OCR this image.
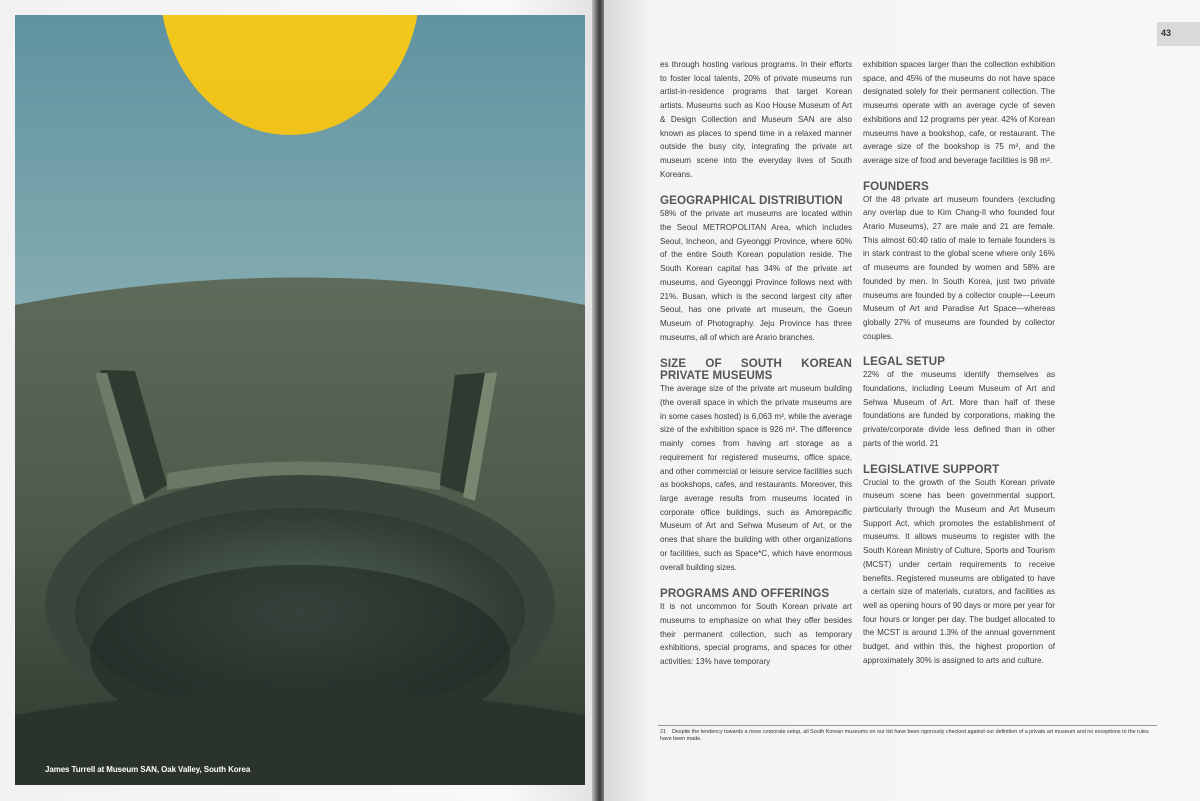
James Turrell at Museum SAN, Oak Valley, South Korea
43

es through hosting various programs. In their efforts to foster local talents, 20% of private museums run artist-in-residence programs that target Korean artists. Museums such as Koo House Museum of Art & Design Collection and Museum SAN are also known as places to spend time in a relaxed manner outside the busy city, integrating the private art museum scene into the everyday lives of South Koreans.

GEOGRAPHICAL DISTRIBUTION

58% of the private art museums are located within the Seoul METROPOLITAN Area, which includes Seoul, Incheon, and Gyeonggi Province, where 60% of the entire South Korean population reside. The South Korean capital has 34% of the private art museums, and Gyeonggi Province follows next with 21%. Busan, which is the second largest city after Seoul, has one private art museum, the Goeun Museum of Photography. Jeju Province has three museums, all of which are Arario branches.

SIZE OF SOUTH KOREAN PRIVATE MUSEUMS

The average size of the private art museum building (the overall space in which the private museums are in some cases hosted) is 6,063 m², while the average size of the exhibition space is 926 m². The difference mainly comes from having art storage as a requirement for registered museums, office space, and other commercial or leisure service facilities such as bookshops, cafes, and restaurants. Moreover, this large average results from museums located in corporate office buildings, such as Amorepacific Museum of Art and Sehwa Museum of Art, or the ones that share the building with other organizations or facilities, such as Space*C, which have enormous overall building sizes.

PROGRAMS AND OFFERINGS

It is not uncommon for South Korean private art museums to emphasize on what they offer besides their permanent collection, such as temporary exhibitions, special programs, and spaces for other activities: 13% have temporary

exhibition spaces larger than the collection exhibition space, and 45% of the museums do not have space designated solely for their permanent collection. The museums operate with an average cycle of seven exhibitions and 12 programs per year. 42% of Korean museums have a bookshop, cafe, or restaurant. The average size of the bookshop is 75 m², and the average size of food and beverage facilities is 98 m².

FOUNDERS

Of the 48 private art museum founders (excluding any overlap due to Kim Chang-Il who founded four Arario Museums), 27 are male and 21 are female. This almost 60:40 ratio of male to female founders is in stark contrast to the global scene where only 16% of museums are founded by women and 58% are founded by men. In South Korea, just two private museums are founded by a collector couple—Leeum Museum of Art and Paradise Art Space—whereas globally 27% of museums are founded by collector couples.

LEGAL SETUP

22% of the museums identify themselves as foundations, including Leeum Museum of Art and Sehwa Museum of Art. More than half of these foundations are funded by corporations, making the private/corporate divide less defined than in other parts of the world. 21

LEGISLATIVE SUPPORT

Crucial to the growth of the South Korean private museum scene has been governmental support, particularly through the Museum and Art Museum Support Act, which promotes the establishment of museums. It allows museums to register with the South Korean Ministry of Culture, Sports and Tourism (MCST) under certain requirements to receive benefits. Registered museums are obligated to have a certain size of materials, curators, and facilities as well as opening hours of 90 days or more per year for four hours or longer per day. The budget allocated to the MCST is around 1.3% of the annual government budget, and within this, the highest proportion of approximately 30% is assigned to arts and culture.

21 Despite the tendency towards a more corporate setup, all South Korean museums on our list have been rigorously checked against our definition of a private art museum and no exceptions to the rules have been made.
